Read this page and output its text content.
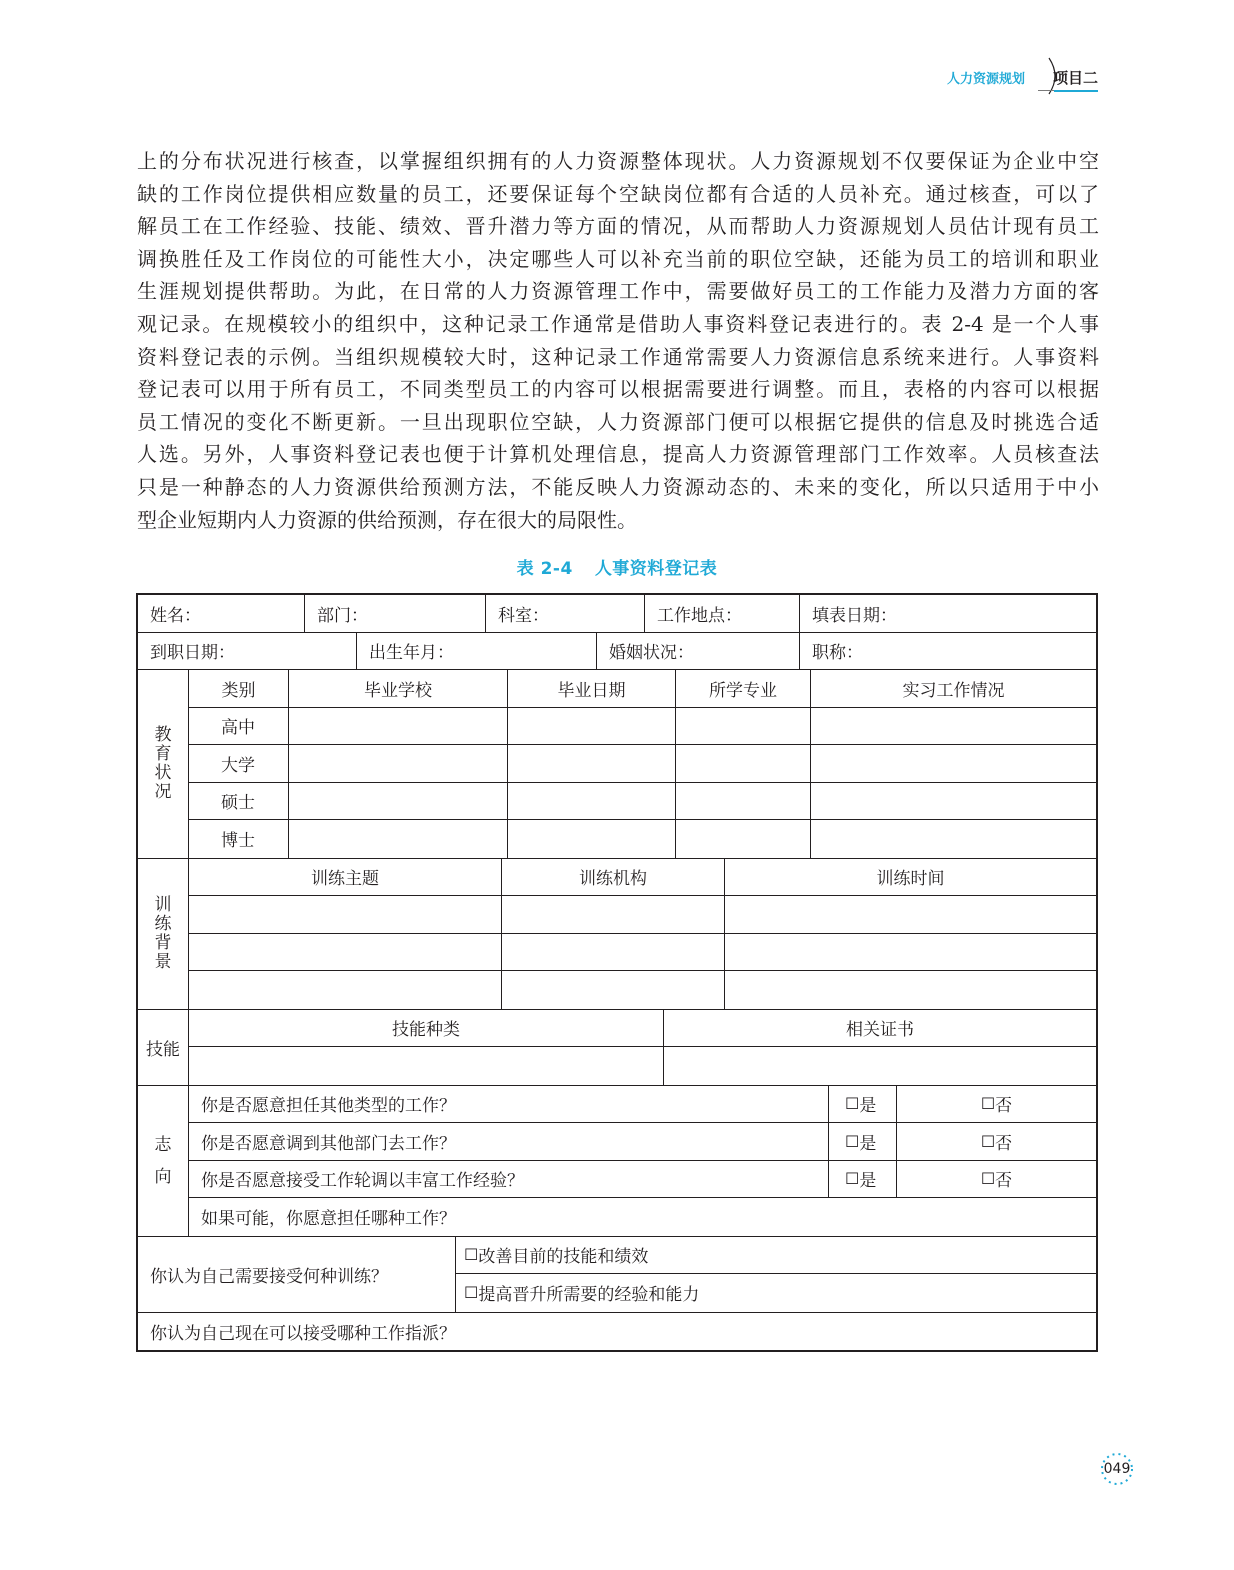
人力资源规划	项目二
上的分布状况进行核查，以掌握组织拥有的人力资源整体现状。人力资源规划不仅要保证为企业中空
缺的工作岗位提供相应数量的员工，还要保证每个空缺岗位都有合适的人员补充。通过核查，可以了
解员工在工作经验、技能、绩效、晋升潜力等方面的情况，从而帮助人力资源规划人员估计现有员工
调换胜任及工作岗位的可能性大小，决定哪些人可以补充当前的职位空缺，还能为员工的培训和职业
生涯规划提供帮助。为此，在日常的人力资源管理工作中，需要做好员工的工作能力及潜力方面的客
观记录。在规模较小的组织中，这种记录工作通常是借助人事资料登记表进行的。表 2-4 是一个人事
资料登记表的示例。当组织规模较大时，这种记录工作通常需要人力资源信息系统来进行。人事资料
登记表可以用于所有员工，不同类型员工的内容可以根据需要进行调整。而且，表格的内容可以根据
员工情况的变化不断更新。一旦出现职位空缺，人力资源部门便可以根据它提供的信息及时挑选合适
人选。另外，人事资料登记表也便于计算机处理信息，提高人力资源管理部门工作效率。人员核查法
只是一种静态的人力资源供给预测方法，不能反映人力资源动态的、未来的变化，所以只适用于中小
型企业短期内人力资源的供给预测，存在很大的局限性。
表 2-4 人事资料登记表
姓名：	部门：	科室：	工作地点：	填表日期：
到职日期：	出生年月：	婚姻状况：	职称：
教
育
状
况
类别	毕业学校	毕业日期	所学专业	实习工作情况
高中
大学
硕士
博士
训
练
背
景
训练主题	训练机构	训练时间
技能
技能种类	相关证书
志
向
你是否愿意担任其他类型的工作？	☐ 是	☐ 否
你是否愿意调到其他部门去工作？	☐ 是	☐ 否
你是否愿意接受工作轮调以丰富工作经验？	☐ 是	☐ 否
如果可能，你愿意担任哪种工作？
你认为自己需要接受何种训练？
☐ 改善目前的技能和绩效
☐ 提高晋升所需要的经验和能力
你认为自己现在可以接受哪种工作指派？
049
